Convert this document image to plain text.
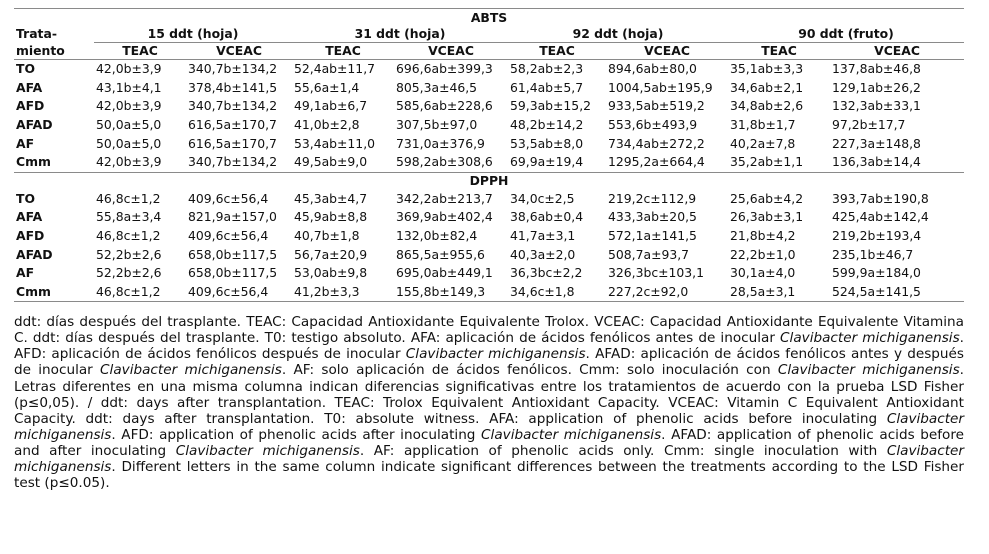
ABTS								
Trata-	15 ddt (hoja)		31 ddt (hoja)		92 ddt (hoja)		90 ddt (fruto)	
miento	TEAC	VCEAC	TEAC	VCEAC	TEAC	VCEAC	TEAC	VCEAC
TO	42,0b±3,9	340,7b±134,2	52,4ab±11,7	696,6ab±399,3	58,2ab±2,3	894,6ab±80,0	35,1ab±3,3	137,8ab±46,8
AFA	43,1b±4,1	378,4b±141,5	55,6a±1,4	805,3a±46,5	61,4ab±5,7	1004,5ab±195,9	34,6ab±2,1	129,1ab±26,2
AFD	42,0b±3,9	340,7b±134,2	49,1ab±6,7	585,6ab±228,6	59,3ab±15,2	933,5ab±519,2	34,8ab±2,6	132,3ab±33,1
AFAD	50,0a±5,0	616,5a±170,7	41,0b±2,8	307,5b±97,0	48,2b±14,2	553,6b±493,9	31,8b±1,7	97,2b±17,7
AF	50,0a±5,0	616,5a±170,7	53,4ab±11,0	731,0a±376,9	53,5ab±8,0	734,4ab±272,2	40,2a±7,8	227,3a±148,8
Cmm	42,0b±3,9	340,7b±134,2	49,5ab±9,0	598,2ab±308,6	69,9a±19,4	1295,2a±664,4	35,2ab±1,1	136,3ab±14,4
DPPH								
TO	46,8c±1,2	409,6c±56,4	45,3ab±4,7	342,2ab±213,7	34,0c±2,5	219,2c±112,9	25,6ab±4,2	393,7ab±190,8
AFA	55,8a±3,4	821,9a±157,0	45,9ab±8,8	369,9ab±402,4	38,6ab±0,4	433,3ab±20,5	26,3ab±3,1	425,4ab±142,4
AFD	46,8c±1,2	409,6c±56,4	40,7b±1,8	132,0b±82,4	41,7a±3,1	572,1a±141,5	21,8b±4,2	219,2b±193,4
AFAD	52,2b±2,6	658,0b±117,5	56,7a±20,9	865,5a±955,6	40,3a±2,0	508,7a±93,7	22,2b±1,0	235,1b±46,7
AF	52,2b±2,6	658,0b±117,5	53,0ab±9,8	695,0ab±449,1	36,3bc±2,2	326,3bc±103,1	30,1a±4,0	599,9a±184,0
Cmm	46,8c±1,2	409,6c±56,4	41,2b±3,3	155,8b±149,3	34,6c±1,8	227,2c±92,0	28,5a±3,1	524,5a±141,5

ddt: días después del trasplante. TEAC: Capacidad Antioxidante Equivalente Trolox. VCEAC: Capacidad Antioxidante Equivalente Vitamina C. ddt: días después del trasplante. T0: testigo absoluto. AFA: aplicación de ácidos fenólicos antes de inocular Clavibacter michiganensis. AFD: aplicación de ácidos fenólicos después de inocular Clavibacter michiganensis. AFAD: aplicación de ácidos fenólicos antes y después de inocular Clavibacter michiganensis. AF: solo aplicación de ácidos fenólicos. Cmm: solo inoculación con Clavibacter michiganensis. Letras diferentes en una misma columna indican diferencias significativas entre los tratamientos de acuerdo con la prueba LSD Fisher (p≤0,05). / ddt: days after transplantation. TEAC: Trolox Equivalent Antioxidant Capacity. VCEAC: Vitamin C Equivalent Antioxidant Capacity. ddt: days after transplantation. T0: absolute witness. AFA: application of phenolic acids before inoculating Clavibacter michiganensis. AFD: application of phenolic acids after inoculating Clavibacter michiganensis. AFAD: application of phenolic acids before and after inoculating Clavibacter michiganensis. AF: application of phenolic acids only. Cmm: single inoculation with Clavibacter michiganensis. Different letters in the same column indicate significant differences between the treatments according to the LSD Fisher test (p≤0.05).
